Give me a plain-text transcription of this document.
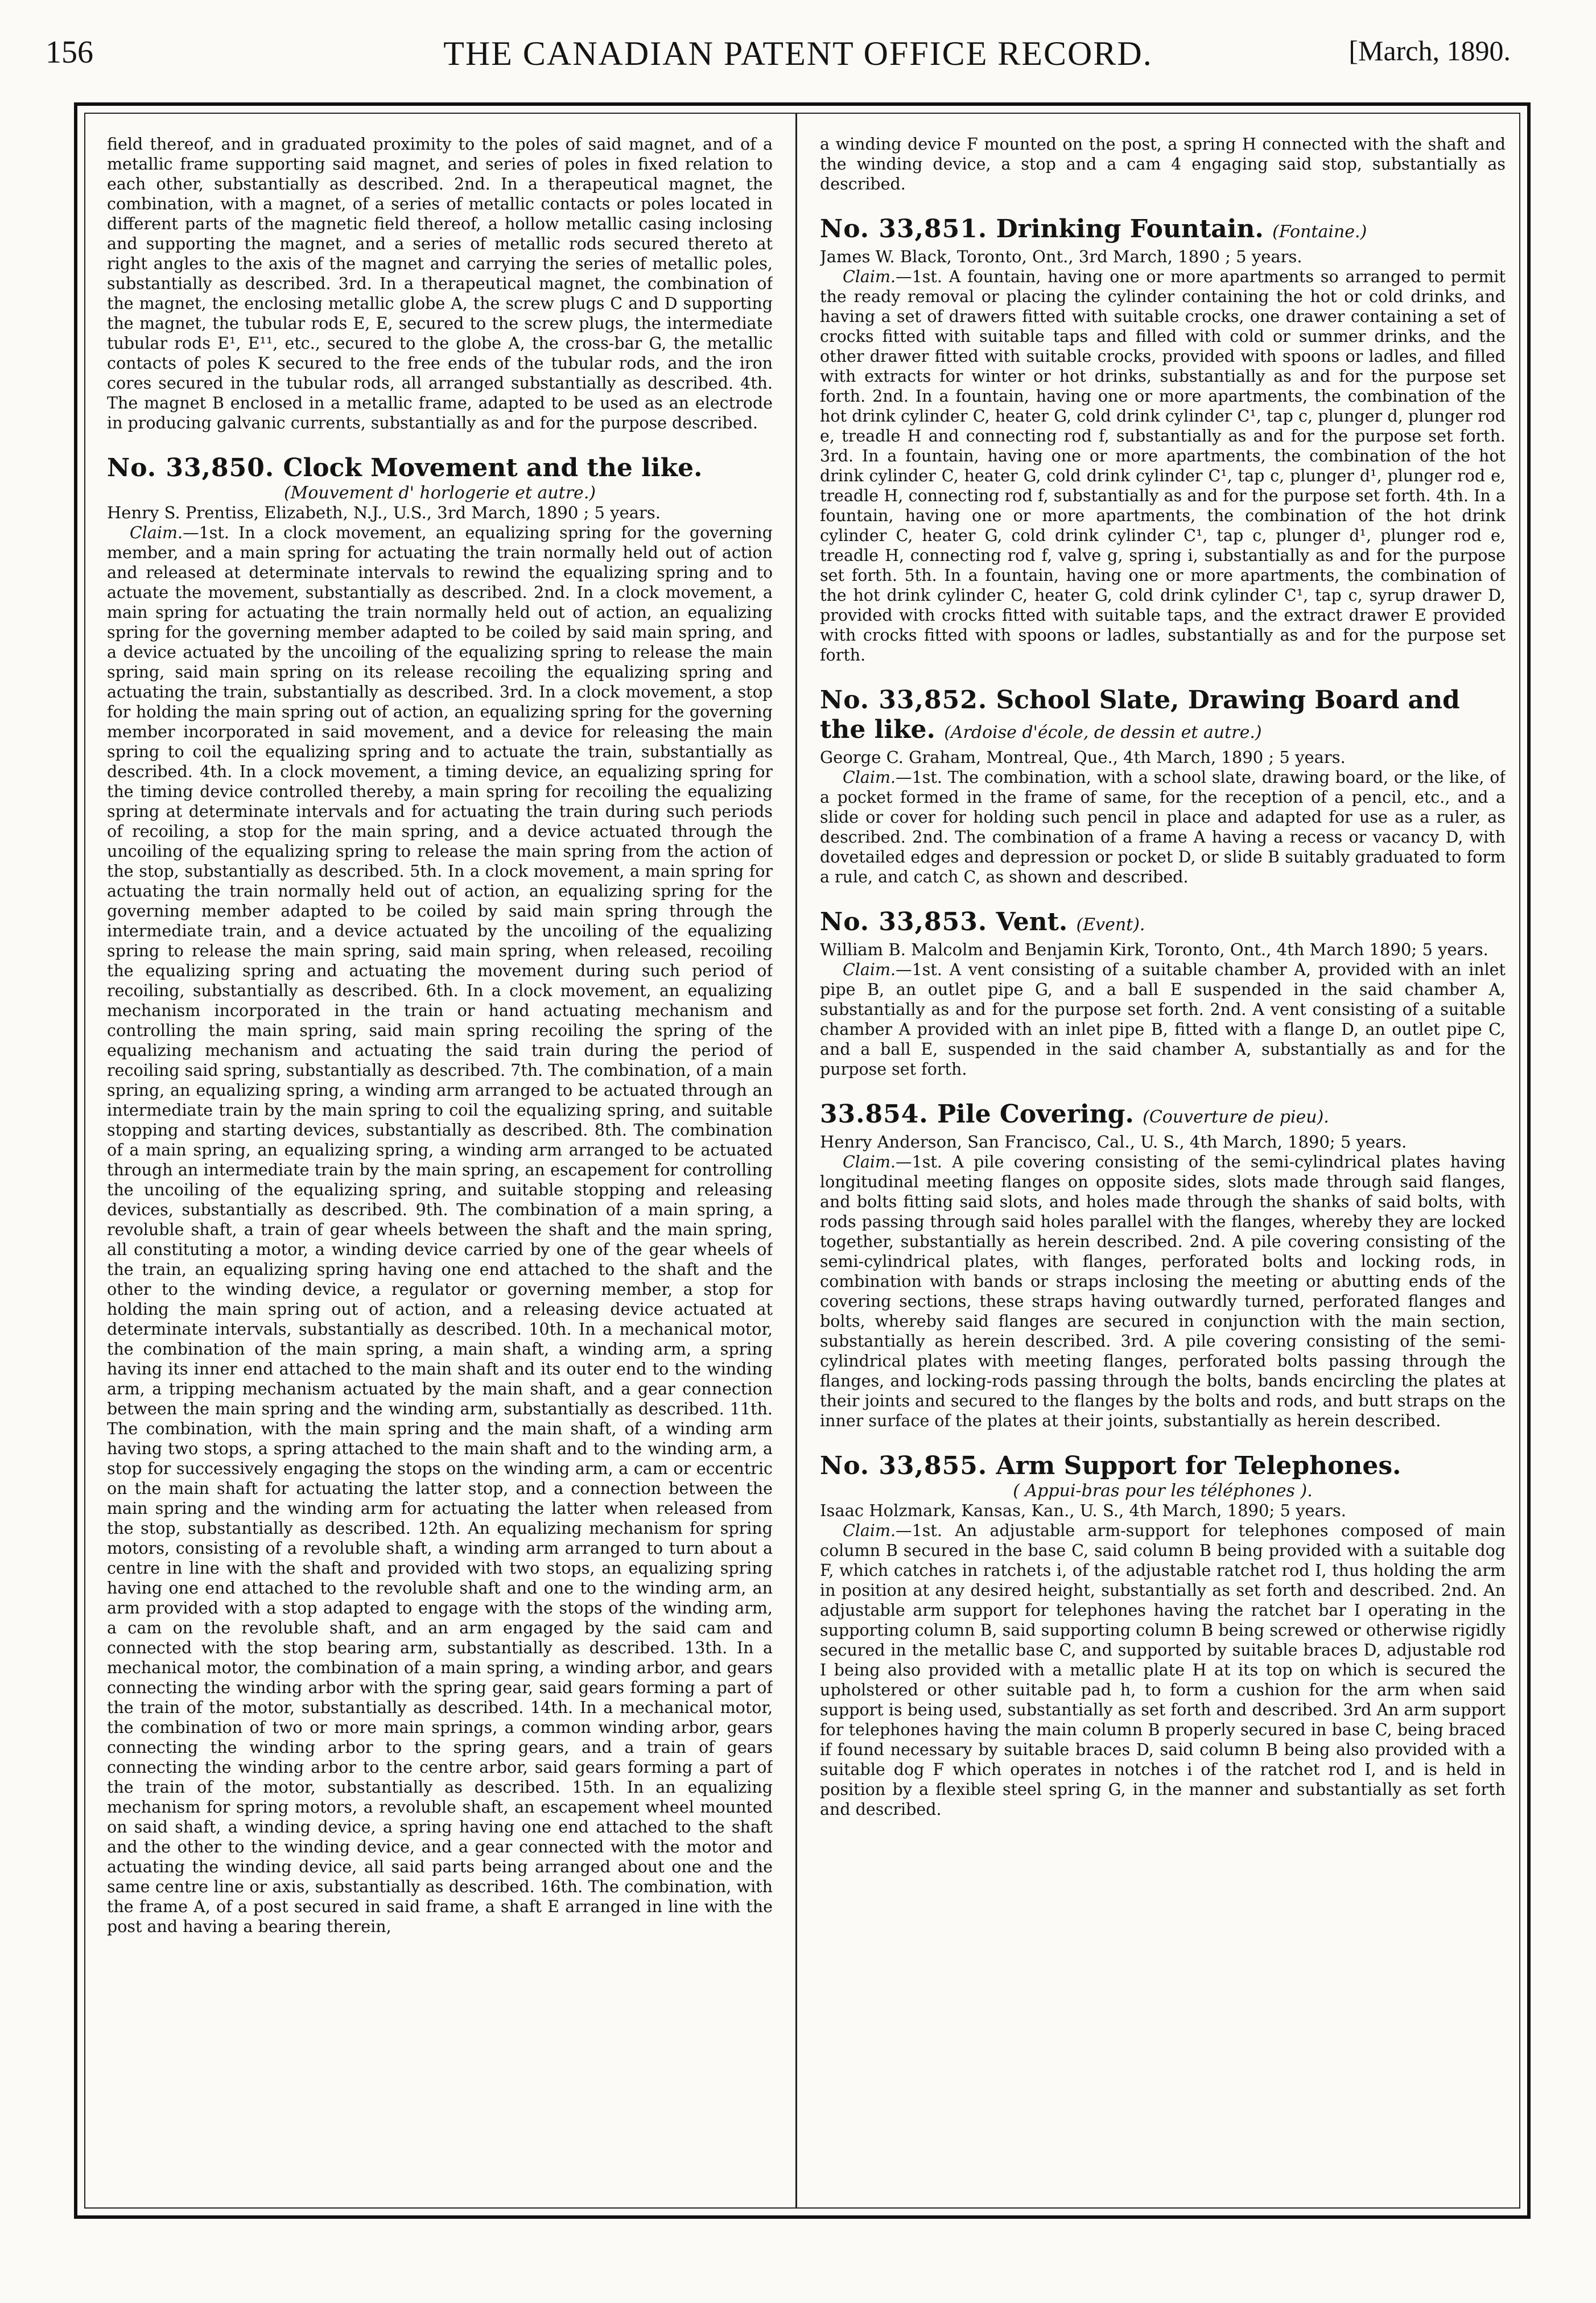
156	THE CANADIAN PATENT OFFICE RECORD.	[March, 1890.

field thereof, and in graduated proximity to the poles of said magnet, and of a metallic frame supporting said magnet, and series of poles in fixed relation to each other, substantially as described. 2nd. In a therapeutical magnet, the combination, with a magnet, of a series of metallic contacts or poles located in different parts of the magnetic field thereof, a hollow metallic casing inclosing and supporting the magnet, and a series of metallic rods secured thereto at right angles to the axis of the magnet and carrying the series of metallic poles, substantially as described. 3rd. In a therapeutical magnet, the combination of the magnet, the enclosing metallic globe A, the screw plugs C and D supporting the magnet, the tubular rods E, E, secured to the screw plugs, the intermediate tubular rods E¹, E¹¹, etc., secured to the globe A, the cross-bar G, the metallic contacts of poles K secured to the free ends of the tubular rods, and the iron cores secured in the tubular rods, all arranged substantially as described. 4th. The magnet B enclosed in a metallic frame, adapted to be used as an electrode in producing galvanic currents, substantially as and for the purpose described.

No. 33,850. Clock Movement and the like.

(Mouvement d' horlogerie et autre.)

Henry S. Prentiss, Elizabeth, N.J., U.S., 3rd March, 1890 ; 5 years.

Claim.—1st. In a clock movement, an equalizing spring for the governing member, and a main spring for actuating the train normally held out of action and released at determinate intervals to rewind the equalizing spring and to actuate the movement, substantially as described. 2nd. In a clock movement, a main spring for actuating the train normally held out of action, an equalizing spring for the governing member adapted to be coiled by said main spring, and a device actuated by the uncoiling of the equalizing spring to release the main spring, said main spring on its release recoiling the equalizing spring and actuating the train, substantially as described. 3rd. In a clock movement, a stop for holding the main spring out of action, an equalizing spring for the governing member incorporated in said movement, and a device for releasing the main spring to coil the equalizing spring and to actuate the train, substantially as described. 4th. In a clock movement, a timing device, an equalizing spring for the timing device controlled thereby, a main spring for recoiling the equalizing spring at determinate intervals and for actuating the train during such periods of recoiling, a stop for the main spring, and a device actuated through the uncoiling of the equalizing spring to release the main spring from the action of the stop, substantially as described. 5th. In a clock movement, a main spring for actuating the train normally held out of action, an equalizing spring for the governing member adapted to be coiled by said main spring through the intermediate train, and a device actuated by the uncoiling of the equalizing spring to release the main spring, said main spring, when released, recoiling the equalizing spring and actuating the movement during such period of recoiling, substantially as described. 6th. In a clock movement, an equalizing mechanism incorporated in the train or hand actuating mechanism and controlling the main spring, said main spring recoiling the spring of the equalizing mechanism and actuating the said train during the period of recoiling said spring, substantially as described. 7th. The combination, of a main spring, an equalizing spring, a winding arm arranged to be actuated through an intermediate train by the main spring to coil the equalizing spring, and suitable stopping and starting devices, substantially as described. 8th. The combination of a main spring, an equalizing spring, a winding arm arranged to be actuated through an intermediate train by the main spring, an escapement for controlling the uncoiling of the equalizing spring, and suitable stopping and releasing devices, substantially as described. 9th. The combination of a main spring, a revoluble shaft, a train of gear wheels between the shaft and the main spring, all constituting a motor, a winding device carried by one of the gear wheels of the train, an equalizing spring having one end attached to the shaft and the other to the winding device, a regulator or governing member, a stop for holding the main spring out of action, and a releasing device actuated at determinate intervals, substantially as described. 10th. In a mechanical motor, the combination of the main spring, a main shaft, a winding arm, a spring having its inner end attached to the main shaft and its outer end to the winding arm, a tripping mechanism actuated by the main shaft, and a gear connection between the main spring and the winding arm, substantially as described. 11th. The combination, with the main spring and the main shaft, of a winding arm having two stops, a spring attached to the main shaft and to the winding arm, a stop for successively engaging the stops on the winding arm, a cam or eccentric on the main shaft for actuating the latter stop, and a connection between the main spring and the winding arm for actuating the latter when released from the stop, substantially as described. 12th. An equalizing mechanism for spring motors, consisting of a revoluble shaft, a winding arm arranged to turn about a centre in line with the shaft and provided with two stops, an equalizing spring having one end attached to the revoluble shaft and one to the winding arm, an arm provided with a stop adapted to engage with the stops of the winding arm, a cam on the revoluble shaft, and an arm engaged by the said cam and connected with the stop bearing arm, substantially as described. 13th. In a mechanical motor, the combination of a main spring, a winding arbor, and gears connecting the winding arbor with the spring gear, said gears forming a part of the train of the motor, substantially as described. 14th. In a mechanical motor, the combination of two or more main springs, a common winding arbor, gears connecting the winding arbor to the spring gears, and a train of gears connecting the winding arbor to the centre arbor, said gears forming a part of the train of the motor, substantially as described. 15th. In an equalizing mechanism for spring motors, a revoluble shaft, an escapement wheel mounted on said shaft, a winding device, a spring having one end attached to the shaft and the other to the winding device, and a gear connected with the motor and actuating the winding device, all said parts being arranged about one and the same centre line or axis, substantially as described. 16th. The combination, with the frame A, of a post secured in said frame, a shaft E arranged in line with the post and having a bearing therein,

a winding device F mounted on the post, a spring H connected with the shaft and the winding device, a stop and a cam 4 engaging said stop, substantially as described.

No. 33,851. Drinking Fountain. (Fontaine.)

James W. Black, Toronto, Ont., 3rd March, 1890 ; 5 years.

Claim.—1st. A fountain, having one or more apartments so arranged to permit the ready removal or placing the cylinder containing the hot or cold drinks, and having a set of drawers fitted with suitable crocks, one drawer containing a set of crocks fitted with suitable taps and filled with cold or summer drinks, and the other drawer fitted with suitable crocks, provided with spoons or ladles, and filled with extracts for winter or hot drinks, substantially as and for the purpose set forth. 2nd. In a fountain, having one or more apartments, the combination of the hot drink cylinder C, heater G, cold drink cylinder C¹, tap c, plunger d, plunger rod e, treadle H and connecting rod f, substantially as and for the purpose set forth. 3rd. In a fountain, having one or more apartments, the combination of the hot drink cylinder C, heater G, cold drink cylinder C¹, tap c, plunger d¹, plunger rod e, treadle H, connecting rod f, substantially as and for the purpose set forth. 4th. In a fountain, having one or more apartments, the combination of the hot drink cylinder C, heater G, cold drink cylinder C¹, tap c, plunger d¹, plunger rod e, treadle H, connecting rod f, valve g, spring i, substantially as and for the purpose set forth. 5th. In a fountain, having one or more apartments, the combination of the hot drink cylinder C, heater G, cold drink cylinder C¹, tap c, syrup drawer D, provided with crocks fitted with suitable taps, and the extract drawer E provided with crocks fitted with spoons or ladles, substantially as and for the purpose set forth.

No. 33,852. School Slate, Drawing Board and the like. (Ardoise d'école, de dessin et autre.)

George C. Graham, Montreal, Que., 4th March, 1890 ; 5 years.

Claim.—1st. The combination, with a school slate, drawing board, or the like, of a pocket formed in the frame of same, for the reception of a pencil, etc., and a slide or cover for holding such pencil in place and adapted for use as a ruler, as described. 2nd. The combination of a frame A having a recess or vacancy D, with dovetailed edges and depression or pocket D, or slide B suitably graduated to form a rule, and catch C, as shown and described.

No. 33,853. Vent. (Event).

William B. Malcolm and Benjamin Kirk, Toronto, Ont., 4th March 1890; 5 years.

Claim.—1st. A vent consisting of a suitable chamber A, provided with an inlet pipe B, an outlet pipe G, and a ball E suspended in the said chamber A, substantially as and for the purpose set forth. 2nd. A vent consisting of a suitable chamber A provided with an inlet pipe B, fitted with a flange D, an outlet pipe C, and a ball E, suspended in the said chamber A, substantially as and for the purpose set forth.

33.854. Pile Covering. (Couverture de pieu).

Henry Anderson, San Francisco, Cal., U. S., 4th March, 1890; 5 years.

Claim.—1st. A pile covering consisting of the semi-cylindrical plates having longitudinal meeting flanges on opposite sides, slots made through said flanges, and bolts fitting said slots, and holes made through the shanks of said bolts, with rods passing through said holes parallel with the flanges, whereby they are locked together, substantially as herein described. 2nd. A pile covering consisting of the semi-cylindrical plates, with flanges, perforated bolts and locking rods, in combination with bands or straps inclosing the meeting or abutting ends of the covering sections, these straps having outwardly turned, perforated flanges and bolts, whereby said flanges are secured in conjunction with the main section, substantially as herein described. 3rd. A pile covering consisting of the semi-cylindrical plates with meeting flanges, perforated bolts passing through the flanges, and locking-rods passing through the bolts, bands encircling the plates at their joints and secured to the flanges by the bolts and rods, and butt straps on the inner surface of the plates at their joints, substantially as herein described.

No. 33,855. Arm Support for Telephones.

( Appui-bras pour les téléphones ).

Isaac Holzmark, Kansas, Kan., U. S., 4th March, 1890; 5 years.

Claim.—1st. An adjustable arm-support for telephones composed of main column B secured in the base C, said column B being provided with a suitable dog F, which catches in ratchets i, of the adjustable ratchet rod I, thus holding the arm in position at any desired height, substantially as set forth and described. 2nd. An adjustable arm support for telephones having the ratchet bar I operating in the supporting column B, said supporting column B being screwed or otherwise rigidly secured in the metallic base C, and supported by suitable braces D, adjustable rod I being also provided with a metallic plate H at its top on which is secured the upholstered or other suitable pad h, to form a cushion for the arm when said support is being used, substantially as set forth and described. 3rd An arm support for telephones having the main column B properly secured in base C, being braced if found necessary by suitable braces D, said column B being also provided with a suitable dog F which operates in notches i of the ratchet rod I, and is held in position by a flexible steel spring G, in the manner and substantially as set forth and described.
